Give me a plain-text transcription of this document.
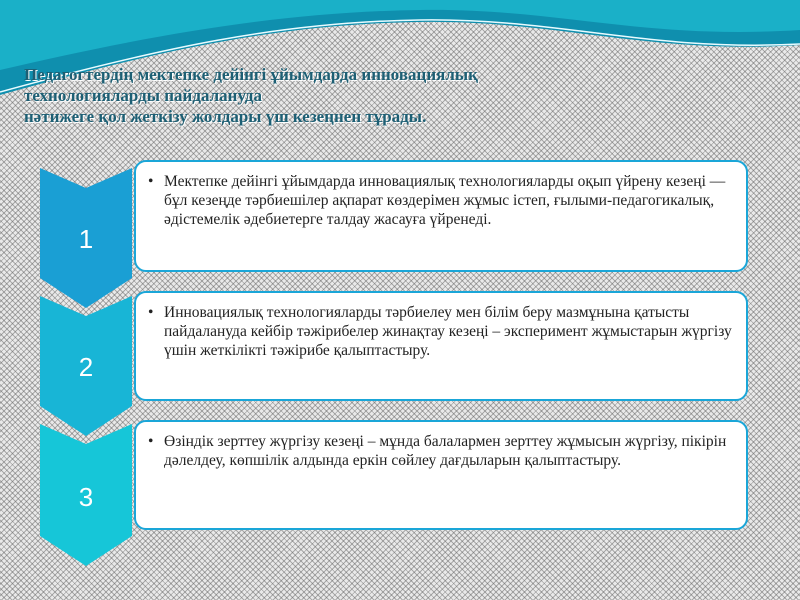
Педагогтердің мектепке дейінгі ұйымдарда инновациялық
технологияларды пайдалануда
нәтижеге қол жеткізу жолдары үш кезеңнен тұрады.
1
2
3
• Мектепке дейінгі ұйымдарда инновациялық технологияларды оқып үйрену кезеңі — бұл кезеңде тәрбиешілер ақпарат көздерімен жұмыс істеп, ғылыми-педагогикалық, әдістемелік әдебиетерге талдау жасауға үйренеді.
• Инновациялық технологияларды тәрбиелеу мен білім беру мазмұнына қатысты пайдалануда кейбір тәжірибелер жинақтау кезеңі – эксперимент жұмыстарын жүргізу үшін жеткілікті тәжірибе қалыптастыру.
• Өзіндік зерттеу жүргізу кезеңі – мұнда балалармен зерттеу жұмысын жүргізу, пікірін дәлелдеу, көпшілік алдында еркін сөйлеу дағдыларын қалыптастыру.
